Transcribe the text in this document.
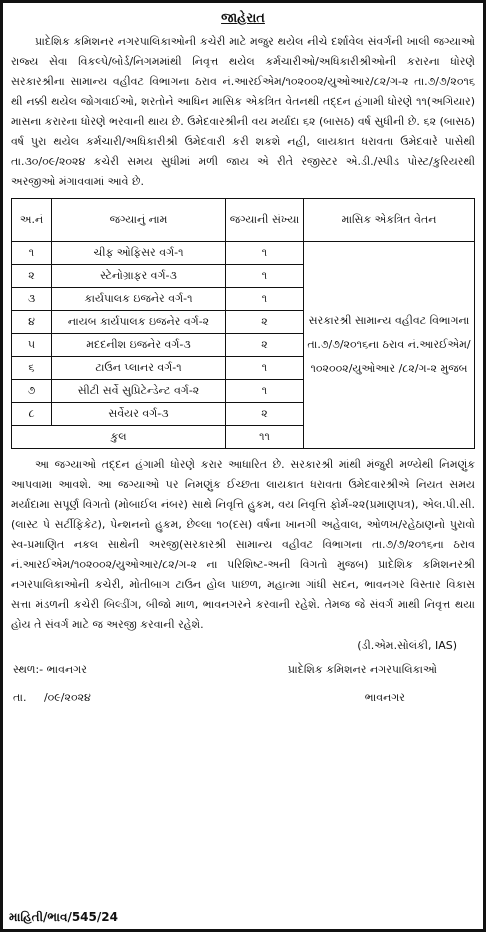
જાહેરાત

પ્રાદેશિક કમિશનર નગરપાલિકાઓની કચેરી માટે મજુર થયેલ નીચે દર્શાવેલ સંવર્ગની ખાલી જગ્યાઓ રાજ્ય સેવા વિકલ્પે/બોર્ડ/નિગમમાંથી નિવૃત્ત થયેલ કર્મચારીઓ/અધિકારીશ્રીઓની કરારના ધોરણે સરકારશ્રીના સામાન્ય વહીવટ વિભાગના ઠરાવ નં.આરઈએમ/૧૦૨૦૦૨/યુઓઆર/૮૨/ગ-૨ તા.૭/૭/૨૦૧૬ થી નક્કી થયેલ જોગવાઈઓ, શરતોને આધિન માસિક એકત્રિત વેતનથી તદ્દન હંગામી ધોરણે ૧૧(અગિયાર) માસના કરારના ધોરણે ભરવાની થાય છે. ઉમેદવારશ્રીની વય મર્યાદા ૬૨ (બાસઠ) વર્ષ સુધીની છે. ૬૨ (બાસઠ) વર્ષ પુરા થયેલ કર્મચારી/અધિકારીશ્રી ઉમેદવારી કરી શકશે નહી, લાયકાત ધરાવતા ઉમેદવારે પાસેથી તા.૩૦/૦૯/૨૦૨૪ કચેરી સમય સુધીમાં મળી જાય એ રીતે રજીસ્ટર એ.ડી./સ્પીડ પોસ્ટ/કુરિયરથી અરજીઓ મંગાવવામાં આવે છે.

અ.નં	જગ્યાનું નામ	જગ્યાની સંખ્યા	માસિક એકત્રિત વેતન
૧	ચીફ ઓફિસર વર્ગ-૧	૧	સરકારશ્રી સામાન્ય વહીવટ વિભાગના તા.૭/૭/૨૦૧૬ના ઠરાવ નં.આરઈએમ/૧૦૨૦૦૨/યુઓઆર /૮૨/ગ-૨ મુજબ
૨	સ્ટેનોગ્રાફર વર્ગ-૩	૧	
૩	કાર્યપાલક ઇજનેર વર્ગ-૧	૧	
૪	નાયબ કાર્યપાલક ઇજનેર વર્ગ-૨	૨	
૫	મદદનીશ ઇજનેર વર્ગ-૩	૨	
૬	ટાઉન પ્લાનર વર્ગ-૧	૧	
૭	સીટી સર્વે સુપ્રિટેન્ડેન્ટ વર્ગ-૨	૧	
૮	સર્વેયર વર્ગ-૩	૨	
કુલ		૧૧	

આ જગ્યાઓ તદ્દન હંગામી ધોરણે કરાર આધારિત છે. સરકારશ્રી માંથી મંજુરી મળ્યેથી નિમણુંક આપવામા આવશે. આ જગ્યાઓ પર નિમણુંક ઈચ્છતા લાયકાત ધરાવતા ઉમેદવારશ્રીએ નિયત સમય મર્યાદામા સપૂર્ણ વિગતો (મોબાઈલ નંબર) સાથે નિવૃત્તિ હુકમ, વય નિવૃત્તિ ફોર્મ-૨૨(પ્રમાણપત્ર), એલ.પી.સી.(લાસ્ટ પે સર્ટીફિકેટ), પેન્શનનો હુકમ, છેલ્લા ૧૦(દસ) વર્ષના ખાનગી અહેવાલ, ઓળખ/રહેઠાણનો પુરાવો સ્વ-પ્રમાણિત નકલ સાથેની અરજી(સરકારશ્રી સામાન્ય વહીવટ વિભાગના તા.૭/૭/૨૦૧૬ના ઠરાવ નં.આરઈએમ/૧૦૨૦૦૨/યુઓઆર/૮૨/ગ-૨ ના પરિશિષ્ટ-અની વિગતો મુજબ) પ્રાદેશિક કમિશનરશ્રી નગરપાલિકાઓની કચેરી, મોતીબાગ ટાઉન હોલ પાછળ, મહાત્મા ગાંધી સદન, ભાવનગર વિસ્તાર વિકાસ સત્તા મંડળની કચેરી બિલ્ડીંગ, બીજો માળ, ભાવનગરને કરવાની રહેશે. તેમજ જે સંવર્ગ માથી નિવૃત્ત થયા હોય તે સંવર્ગ માટે જ અરજી કરવાની રહેશે.

(ડી.એમ.સોલંકી, IAS)
સ્થળ:- ભાવનગર	પ્રાદેશિક કમિશનર નગરપાલિકાઓ
તા.     /૦૯/૨૦૨૪	ભાવનગર
માહિતી/ભાવ/545/24
